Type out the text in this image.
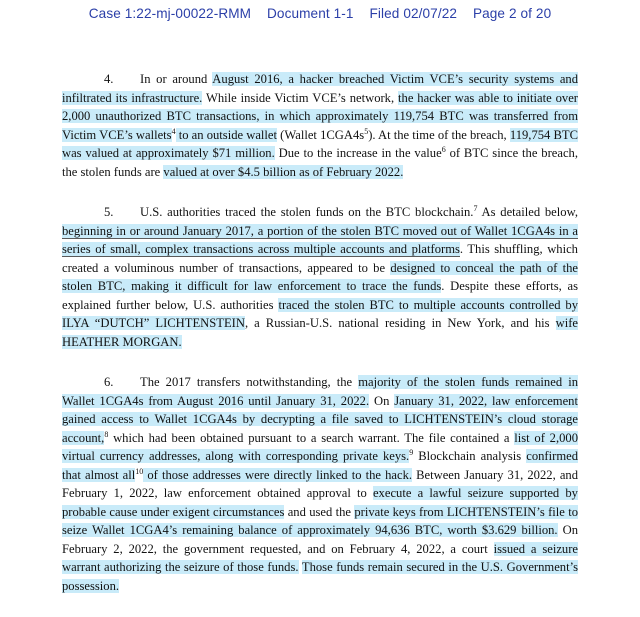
Case 1:22-mj-00022-RMM Document 1-1 Filed 02/07/22 Page 2 of 20

4. In or around August 2016, a hacker breached Victim VCE’s security systems and infiltrated its infrastructure. While inside Victim VCE’s network, the hacker was able to initiate over 2,000 unauthorized BTC transactions, in which approximately 119,754 BTC was transferred from Victim VCE’s wallets$^4$ to an outside wallet (Wallet $1CGA4s^5$). At the time of the breach, 119,754 BTC was valued at approximately $71 million. Due to the increase in the value$^6$ of BTC since the breach, the stolen funds are valued at over $4.5 billion as of February 2022.

5. U.S. authorities traced the stolen funds on the BTC blockchain.$^7$ As detailed below, beginning in or around January 2017, a portion of the stolen BTC moved out of Wallet 1CGA4s in a series of small, complex transactions across multiple accounts and platforms. This shuffling, which created a voluminous number of transactions, appeared to be designed to conceal the path of the stolen BTC, making it difficult for law enforcement to trace the funds. Despite these efforts, as explained further below, U.S. authorities traced the stolen BTC to multiple accounts controlled by ILYA “DUTCH” LICHTENSTEIN, a Russian-U.S. national residing in New York, and his wife HEATHER MORGAN.

6. The 2017 transfers notwithstanding, the majority of the stolen funds remained in Wallet 1CGA4s from August 2016 until January 31, 2022. On January 31, 2022, law enforcement gained access to Wallet 1CGA4s by decrypting a file saved to LICHTENSTEIN’s cloud storage account,$^8$ which had been obtained pursuant to a search warrant. The file contained a list of 2,000 virtual currency addresses, along with corresponding private keys.$^9$ Blockchain analysis confirmed that almost all$^{10}$ of those addresses were directly linked to the hack. Between January 31, 2022, and February 1, 2022, law enforcement obtained approval to execute a lawful seizure supported by probable cause under exigent circumstances and used the private keys from LICHTENSTEIN’s file to seize Wallet 1CGA4’s remaining balance of approximately 94,636 BTC, worth $3.629 billion. On February 2, 2022, the government requested, and on February 4, 2022, a court issued a seizure warrant authorizing the seizure of those funds. Those funds remain secured in the U.S. Government’s possession.
